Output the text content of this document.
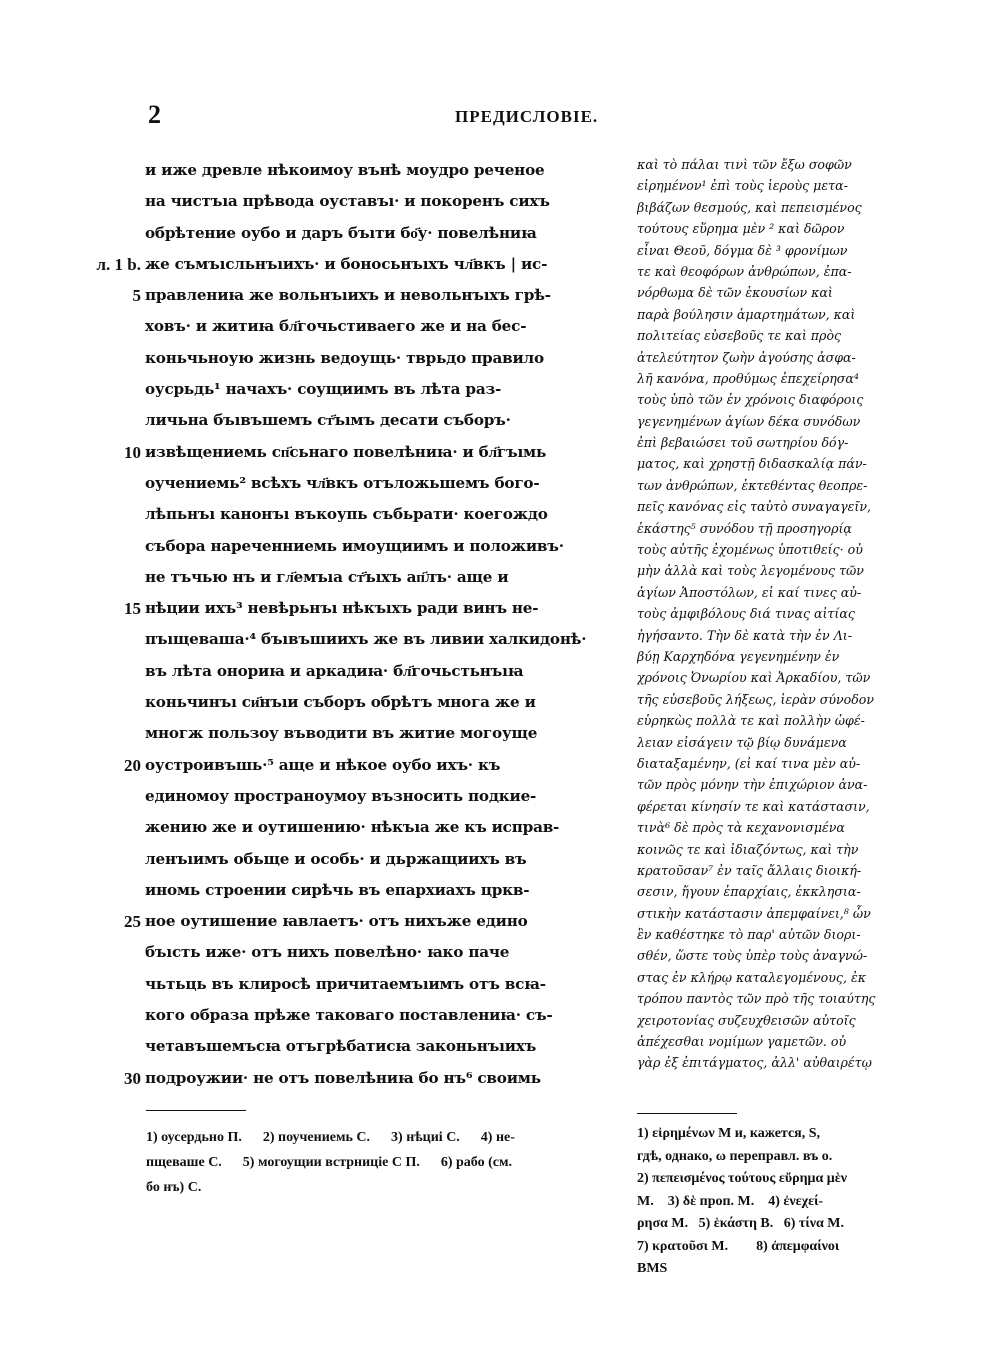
2	ПРЕДИСЛОВІЕ.
л. 1 b.
5
10
15
20
25
30
и иже древле нѣкоимоу вънѣ моудро реченое
на чистъıа прѣвода оуставъı· и покоренъ сихъ
обрѣтение оубо и даръ бъıти бо҃у· повелѣниꙗ
же съмъıсльнъıихъ· и боносьнъıхъ чл҃вкъ | ис-
правлениꙗ же вольнъıихъ и невольнъıхъ грѣ-
ховъ· и житиꙗ бл҃гочьстиваего же и на бес-
коньчьноую жизнь ведоущь· тврьдо правило
оусрьдь¹ начахъ· соущиимъ въ лѣта раз-
личьна бъıвъшемъ ст҃ъıмъ десати съборъ·
извѣщениемь сп҃сьнаго повелѣниꙗ· и бл҃гъıмь
оучениемь² всѣхъ чл҃вкъ отъложьшемъ бого-
лѣпьнъı канонъı въкоупь събьрати· коегождо
събора нареченниемь имоущиимъ и положивъ·
не тъчью нъ и гл҃емъıа ст҃ъıхъ ап҃лъ· аще и
нѣции ихъ³ невѣрьнъı нѣкъıхъ ради винъ не-
пъıщеваша·⁴ бъıвъшиихъ же въ ливии халкидонѣ·
въ лѣта онориꙗ и аркадиꙗ· бл҃гочьстьнъıꙗ
коньчинъı си҃нъıи съборъ обрѣтъ многа же и
многж пользоу въводити въ житие могоуще
оустроивъшь·⁵ аще и нѣкое оубо ихъ· къ
единомоу пространоумоу възносить подкие-
жению же и оутишению· нѣкъıа же къ исправ-
ленъıимъ обьще и особь· и дьржащиихъ въ
иномь строении сирѣчь въ епархиахъ цркв-
ное оутишение ꙗвлаетъ· отъ нихъже едино
бъıсть иже· отъ нихъ повелѣно· ꙗко паче
чьтьць въ клиросѣ причитаемъıимъ отъ всꙗ-
кого образа прѣже таковаго поставлениꙗ· съ-
четавъшемъсꙗ отъгрѣбатисꙗ законьнъıихъ
подроужии· не отъ повелѣниꙗ бо нъ⁶ своимь
καὶ τὸ πάλαι τινὶ τῶν ἔξω σοφῶν
εἰρημένον¹ ἐπὶ τοὺς ἱεροὺς μετα-
βιβάζων θεσμούς, καὶ πεπεισμένος
τούτους εὕρημα μὲν ² καὶ δῶρον
εἶναι Θεοῦ, δόγμα δὲ ³ φρονίμων
τε καὶ θεοφόρων ἀνθρώπων, ἐπα-
νόρθωμα δὲ τῶν ἑκουσίων καὶ
παρὰ βούλησιν ἁμαρτημάτων, καὶ
πολιτείας εὐσεβοῦς τε καὶ πρὸς
ἀτελεύτητον ζωὴν ἀγούσης ἀσφα-
λῆ κανόνα, προθύμως ἐπεχείρησα⁴
τοὺς ὑπὸ τῶν ἐν χρόνοις διαφόροις
γεγενημένων ἁγίων δέκα συνόδων
ἐπὶ βεβαιώσει τοῦ σωτηρίου δόγ-
ματος, καὶ χρηστῇ διδασκαλίᾳ πάν-
των ἀνθρώπων, ἐκτεθέντας θεοπρε-
πεῖς κανόνας εἰς ταὐτὸ συναγαγεῖν,
ἑκάστης⁵ συνόδου τῇ προσηγορίᾳ
τοὺς αὐτῆς ἐχομένως ὑποτιθείς· οὐ
μὴν ἀλλὰ καὶ τοὺς λεγομένους τῶν
ἁγίων Ἀποστόλων, εἰ καί τινες αὐ-
τοὺς ἀμφιβόλους διά τινας αἰτίας
ἡγήσαντο. Τὴν δὲ κατὰ τὴν ἐν Λι-
βύῃ Καρχηδόνα γεγενημένην ἐν
χρόνοις Ὀνωρίου καὶ Ἀρκαδίου, τῶν
τῆς εὐσεβοῦς λήξεως, ἱερὰν σύνοδον
εὑρηκὼς πολλὰ τε καὶ πολλὴν ὠφέ-
λειαν εἰσάγειν τῷ βίῳ δυνάμενα
διαταξαμένην, (εἰ καί τινα μὲν αὐ-
τῶν πρὸς μόνην τὴν ἐπιχώριον ἀνα-
φέρεται κίνησίν τε καὶ κατάστασιν,
τινὰ⁶ δὲ πρὸς τὰ κεχανονισμένα
κοινῶς τε καὶ ἰδιαζόντως, καὶ τὴν
κρατοῦσαν⁷ ἐν ταῖς ἄλλαις διοική-
σεσιν, ἤγουν ἐπαρχίαις, ἐκκλησια-
στικὴν κατάστασιν ἀπεμφαίνει,⁸ ὧν
ἓν καθέστηκε τὸ παρ' αὐτῶν διορι-
σθέν, ὥστε τοὺς ὑπὲρ τοὺς ἀναγνώ-
στας ἐν κλήρῳ καταλεγομένους, ἐκ
τρόπου παντὸς τῶν πρὸ τῆς τοιαύτης
χειροτονίας συζευχθεισῶν αὐτοῖς
ἀπέχεσθαι νομίμων γαμετῶν. οὐ
γὰρ ἐξ ἐπιτάγματος, ἀλλ' αὐθαιρέτῳ
1) оусердьно П.      2) поучениемь С.      3) нѣциі С.      4) не-
пщеваше С.      5) могоущии встрниціе С П.      6) рабо (см.
бо нъ) С.
1) εἰρημένων M и, кажется, S,
гдѣ, однако, ω переправл. въ ο.
2) πεπεισμένος τούτους εὕρημα μὲν
M.    3) δὲ проп. M.    4) ἐνεχεί-
ρησα M.   5) ἑκάστη B.   6) τίνα M.
7) κρατοῦσι M.        8) ἀπεμφαίνοι
BMS
